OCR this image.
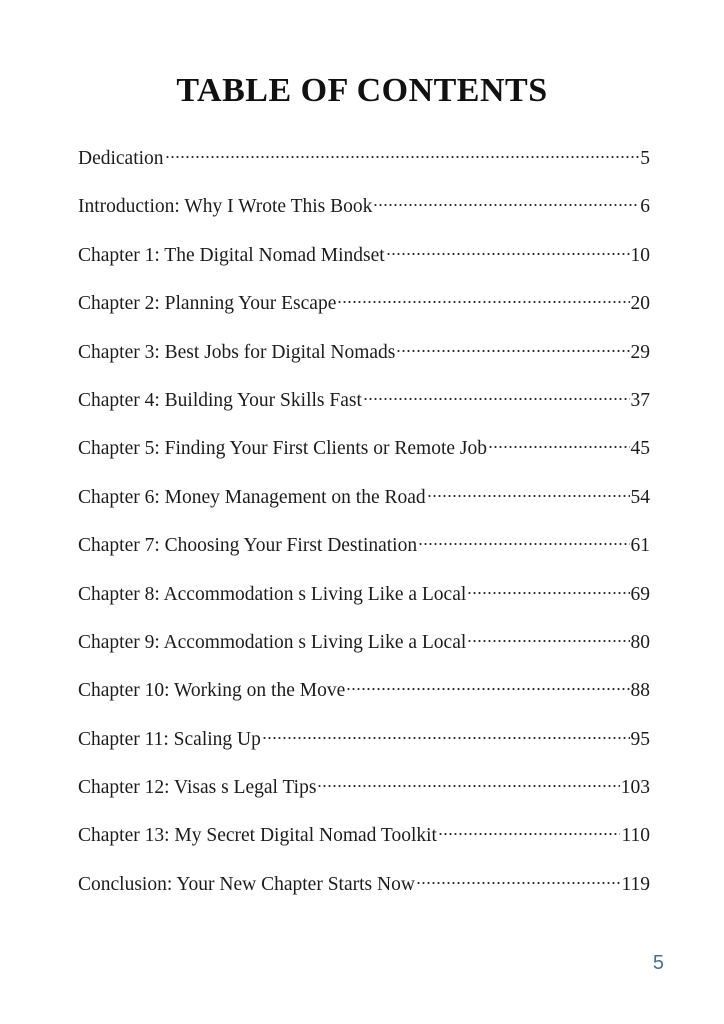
TABLE OF CONTENTS
Dedication	5
Introduction: Why I Wrote This Book	6
Chapter 1: The Digital Nomad Mindset	10
Chapter 2: Planning Your Escape	20
Chapter 3: Best Jobs for Digital Nomads	29
Chapter 4: Building Your Skills Fast	37
Chapter 5: Finding Your First Clients or Remote Job	45
Chapter 6: Money Management on the Road	54
Chapter 7: Choosing Your First Destination	61
Chapter 8: Accommodation s Living Like a Local	69
Chapter 9: Accommodation s Living Like a Local	80
Chapter 10: Working on the Move	88
Chapter 11: Scaling Up	95
Chapter 12: Visas s Legal Tips	103
Chapter 13: My Secret Digital Nomad Toolkit	110
Conclusion: Your New Chapter Starts Now	119
5
